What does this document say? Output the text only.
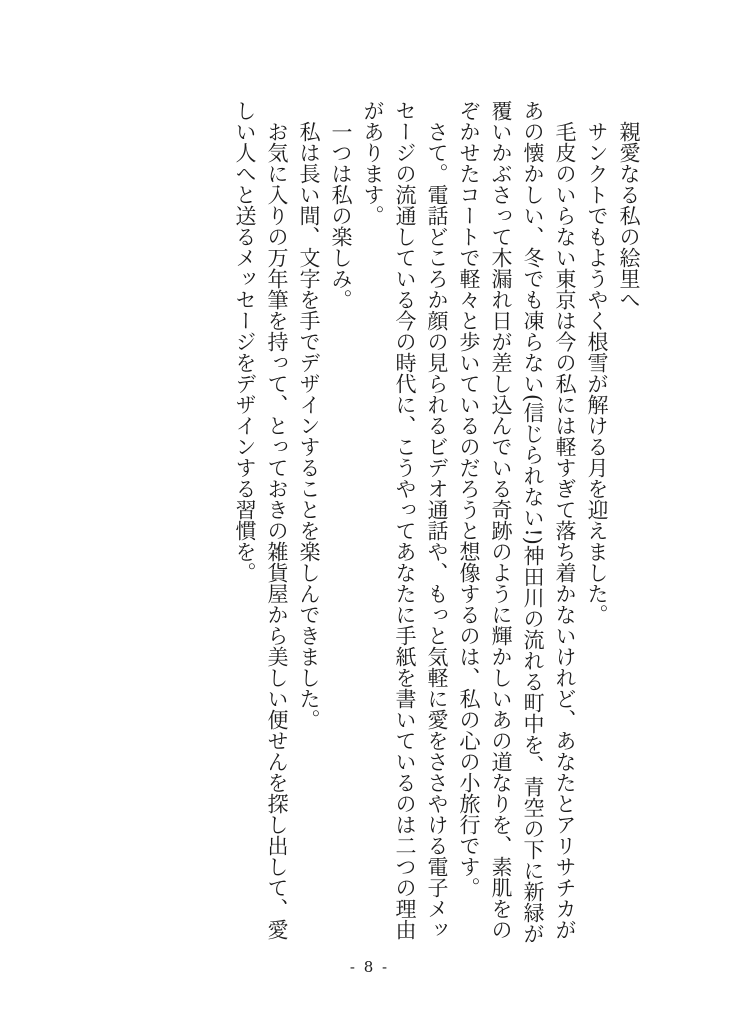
親愛なる私の絵里へ

サンクトでもようやく根雪が解ける月を迎えました。

毛皮のいらない東京は今の私には軽すぎて落ち着かないけれど、あなたとアリサチカがあの懐かしい、冬でも凍らない(信じられない!)神田川の流れる町中を、青空の下に新緑が覆いかぶさって木漏れ日が差し込んでいる奇跡のように輝かしいあの道なりを、素肌をのぞかせたコートで軽々と歩いているのだろうと想像するのは、私の心の小旅行です。

さて。電話どころか顔の見られるビデオ通話や、もっと気軽に愛をささやける電子メッセージの流通している今の時代に、こうやってあなたに手紙を書いているのは二つの理由があります。

一つは私の楽しみ。

私は長い間、文字を手でデザインすることを楽しんできました。

お気に入りの万年筆を持って、とっておきの雑貨屋から美しい便せんを探し出して、愛しい人へと送るメッセージをデザインする習慣を。

- 8 -
